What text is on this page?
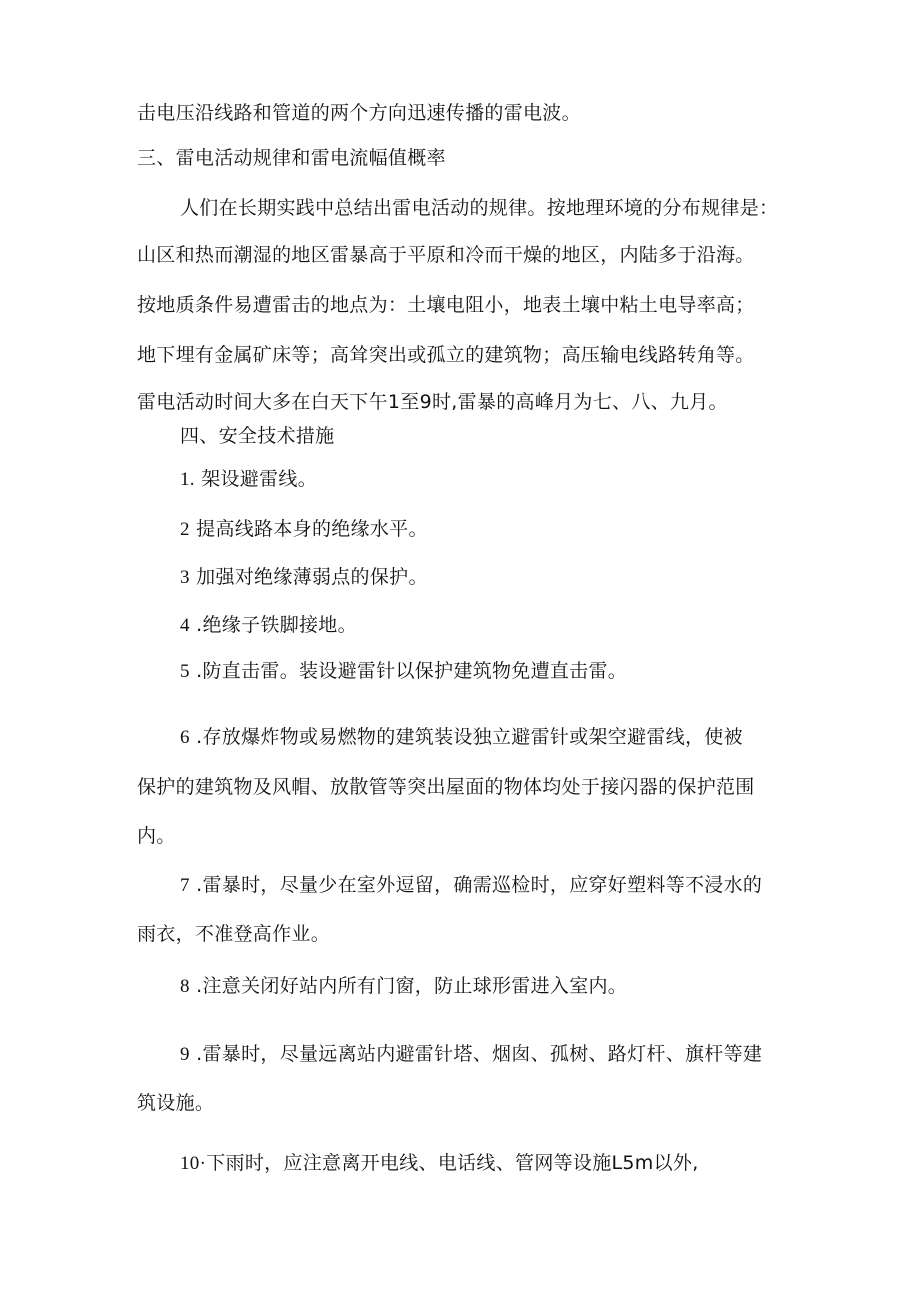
击电压沿线路和管道的两个方向迅速传播的雷电波。
三、雷电活动规律和雷电流幅值概率
人们在长期实践中总结出雷电活动的规律。按地理环境的分布规律是：
山区和热而潮湿的地区雷暴高于平原和冷而干燥的地区，内陆多于沿海。
按地质条件易遭雷击的地点为：土壤电阻小，地表土壤中粘土电导率高；
地下埋有金属矿床等；高耸突出或孤立的建筑物；高压输电线路转角等。
雷电活动时间大多在白天下午1至9时,雷暴的高峰月为七、八、九月。
四、安全技术措施
1. 架设避雷线。
2 提高线路本身的绝缘水平。
3 加强对绝缘薄弱点的保护。
4 .绝缘子铁脚接地。
5 .防直击雷。装设避雷针以保护建筑物免遭直击雷。
6 .存放爆炸物或易燃物的建筑装设独立避雷针或架空避雷线，使被
保护的建筑物及风帽、放散管等突出屋面的物体均处于接闪器的保护范围
内。
7 .雷暴时，尽量少在室外逗留，确需巡检时，应穿好塑料等不浸水的
雨衣，不准登高作业。
8 .注意关闭好站内所有门窗，防止球形雷进入室内。
9 .雷暴时，尽量远离站内避雷针塔、烟囱、孤树、路灯杆、旗杆等建
筑设施。
10·下雨时，应注意离开电线、电话线、管网等设施L5m以外,
